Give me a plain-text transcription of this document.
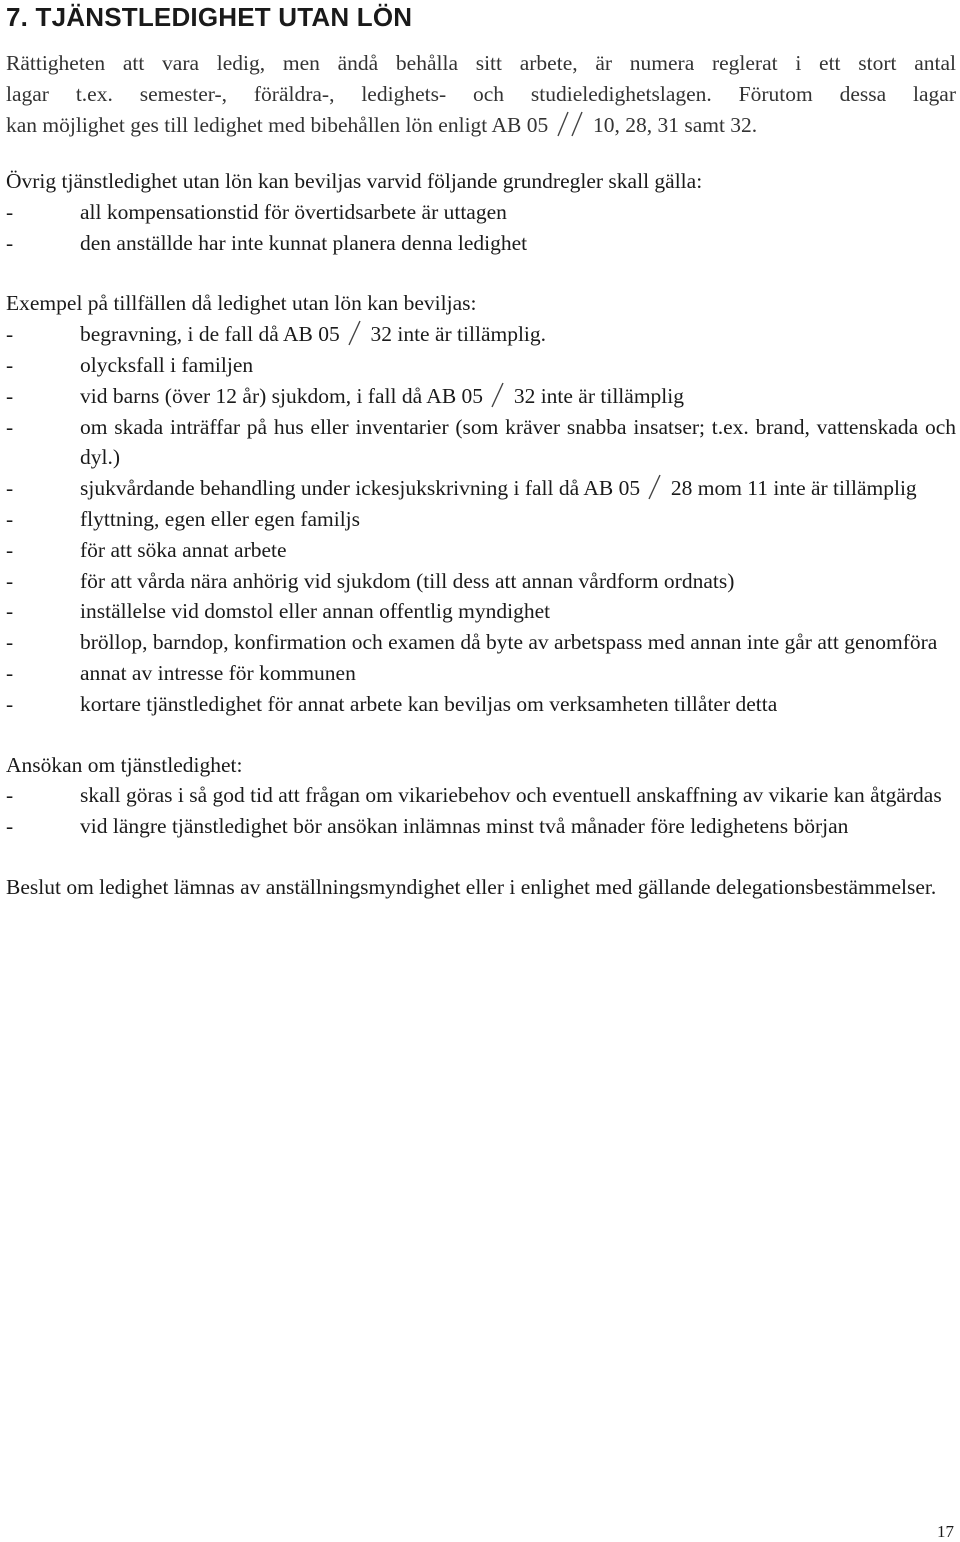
7. TJÄNSTLEDIGHET UTAN LÖN
Rättigheten att vara ledig, men ändå behålla sitt arbete, är numera reglerat i ett stort antal
lagar t.ex. semester-, föräldra-, ledighets- och studieledighetslagen. Förutom dessa lagar
kan möjlighet ges till ledighet med bibehållen lön enligt AB 05 10, 28, 31 samt 32.

Övrig tjänstledighet utan lön kan beviljas varvid följande grundregler skall gälla:

- all kompensationstid för övertidsarbete är uttagen
- den anställde har inte kunnat planera denna ledighet

Exempel på tillfällen då ledighet utan lön kan beviljas:

- begravning, i de fall då AB 05 32 inte är tillämplig.
- olycksfall i familjen
- vid barns (över 12 år) sjukdom, i fall då AB 05 32 inte är tillämplig
- om skada inträffar på hus eller inventarier (som kräver snabba insatser; t.ex. brand, vattenskada och dyl.)
- sjukvårdande behandling under ickesjukskrivning i fall då AB 05 28 mom 11 inte är tillämplig
- flyttning, egen eller egen familjs
- för att söka annat arbete
- för att vårda nära anhörig vid sjukdom (till dess att annan vårdform ordnats)
- inställelse vid domstol eller annan offentlig myndighet
- bröllop, barndop, konfirmation och examen då byte av arbetspass med annan inte går att genomföra
- annat av intresse för kommunen
- kortare tjänstledighet för annat arbete kan beviljas om verksamheten tillåter detta

Ansökan om tjänstledighet:

- skall göras i så god tid att frågan om vikariebehov och eventuell anskaffning av vikarie kan åtgärdas
- vid längre tjänstledighet bör ansökan inlämnas minst två månader före ledighetens början

Beslut om ledighet lämnas av anställningsmyndighet eller i enlighet med gällande delegationsbestämmelser.

17
